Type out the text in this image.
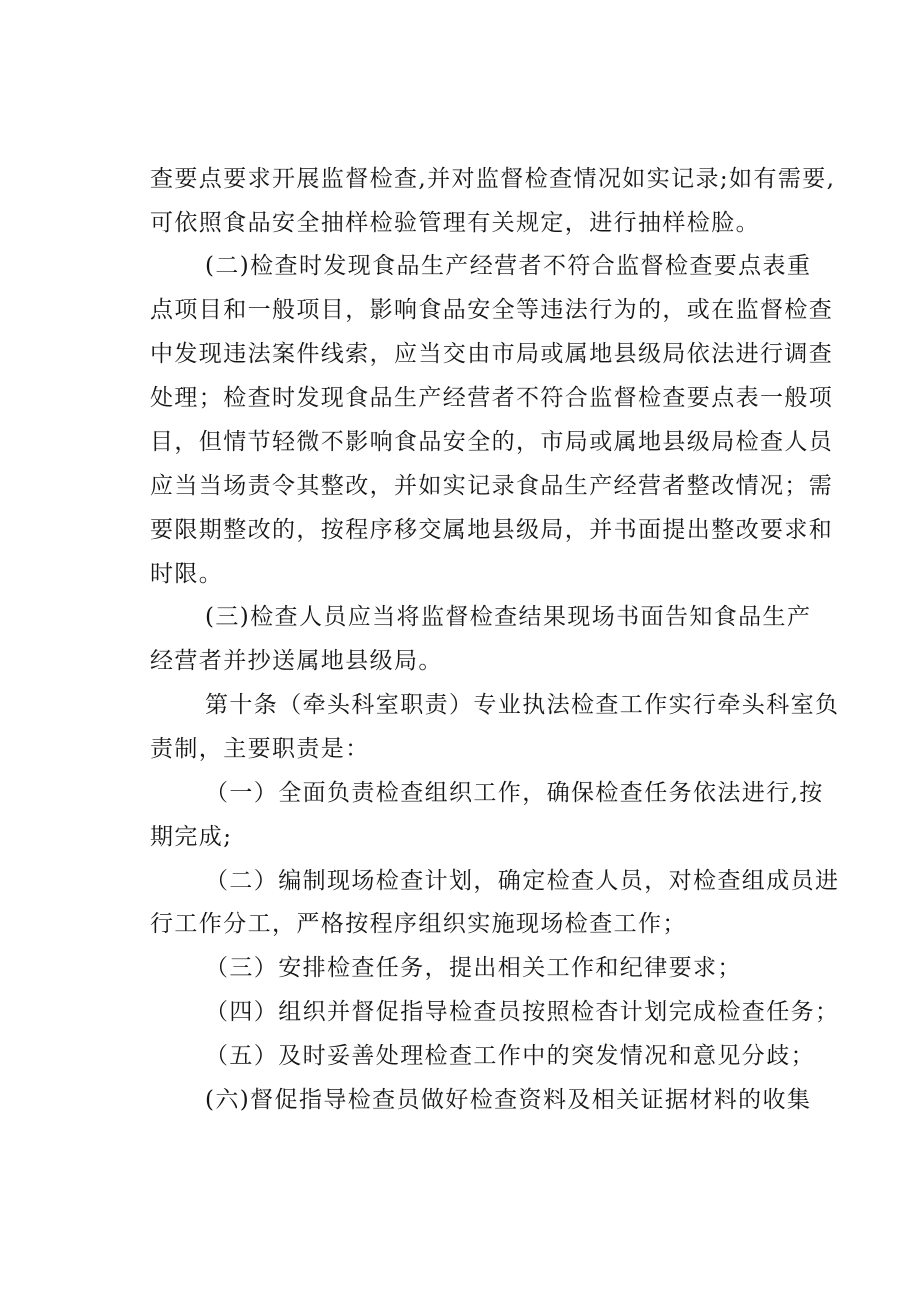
查要点要求开展监督检查,并对监督检查情况如实记录;如有需要,

可依照食品安全抽样检验管理有关规定，进行抽样检脸。

(二)检查时发现食品生产经营者不符合监督检查要点表重

点项目和一般项目，影响食品安全等违法行为的，或在监督检查

中发现违法案件线索，应当交由市局或属地县级局依法进行调查

处理；检查时发现食品生产经营者不符合监督检查要点表一般项

目，但情节轻微不影响食品安全的，市局或属地县级局检查人员

应当当场责令其整改，并如实记录食品生产经营者整改情况；需

要限期整改的，按程序移交属地县级局，并书面提出整改要求和

时限。

(三)检查人员应当将监督检查结果现场书面告知食品生产

经营者并抄送属地县级局。

第十条（牵头科室职责）专业执法检查工作实行牵头科室负

责制，主要职责是：

（一）全面负责检查组织工作，确保检查任务依法进行,按

期完成;

（二）编制现场检查计划，确定检查人员，对检查组成员进

行工作分工，严格按程序组织实施现场检查工作；

（三）安排检查任务，提出相关工作和纪律要求；

（四）组织并督促指导检查员按照检杳计划完成检查任务；

（五）及时妥善处理检查工作中的突发情况和意见分歧；

(六)督促指导检查员做好检查资料及相关证据材料的收集
